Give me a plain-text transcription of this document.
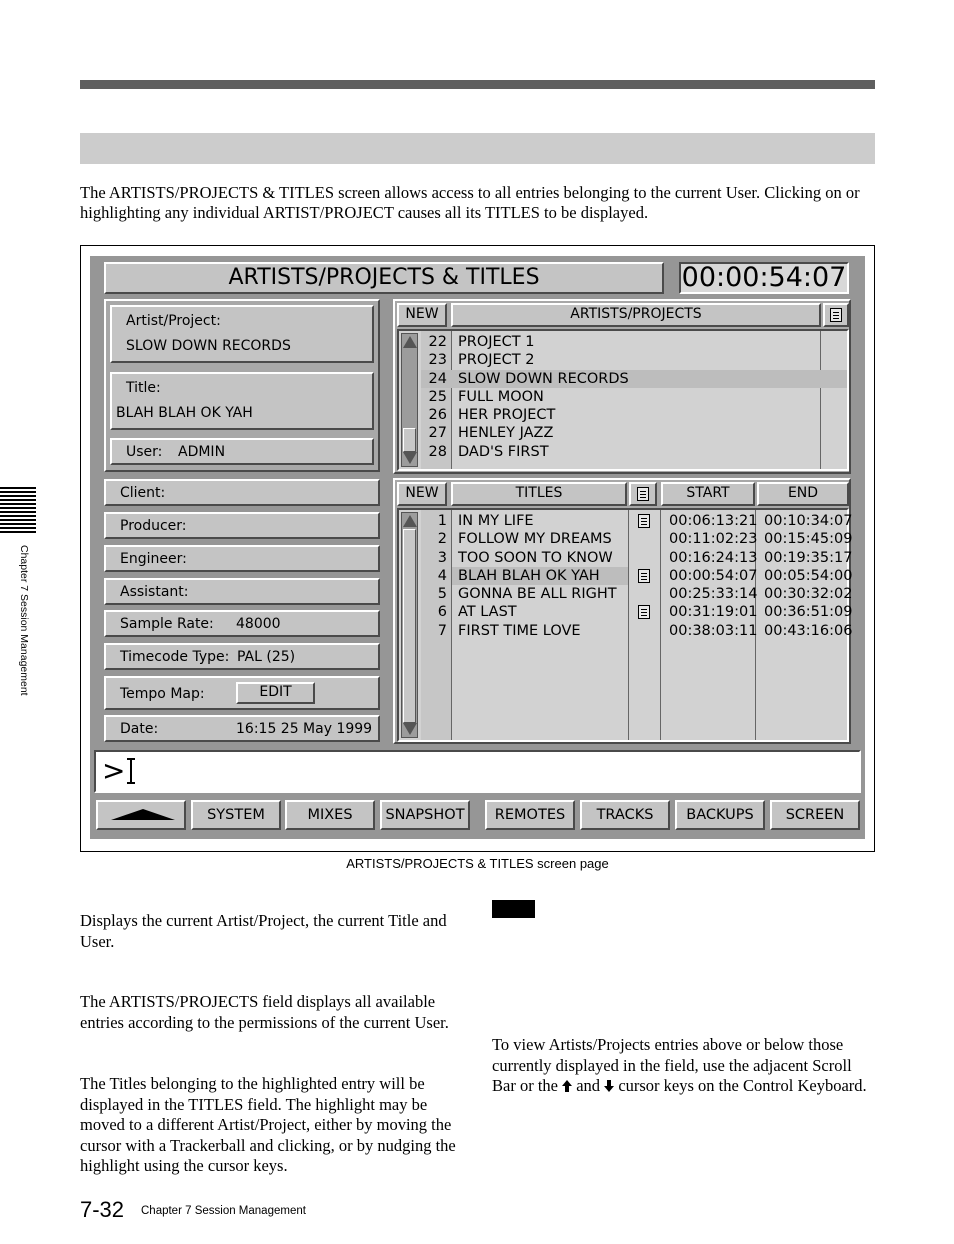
The ARTISTS/PROJECTS & TITLES screen allows access to all entries belonging to the current User. Clicking on or highlighting any individual ARTIST/PROJECT causes all its TITLES to be displayed.
ARTISTS/PROJECTS & TITLES	00:00:54:07
Artist/Project:
SLOW DOWN RECORDS
Title:
BLAH BLAH OK YAH
User: ADMIN
Client:
Producer:
Engineer:
Assistant:
Sample Rate: 48000
Timecode Type: PAL (25)
Tempo Map:	EDIT
Date:	16:15 25 May 1999
NEW	ARTISTS/PROJECTS
22 PROJECT 1
23 PROJECT 2
24 SLOW DOWN RECORDS
25 FULL MOON
26 HER PROJECT
27 HENLEY JAZZ
28 DAD'S FIRST
NEW	TITLES	START	END
1 IN MY LIFE	00:06:13:21 00:10:34:07
2 FOLLOW MY DREAMS	00:11:02:23 00:15:45:09
3 TOO SOON TO KNOW	00:16:24:13 00:19:35:17
4 BLAH BLAH OK YAH	00:00:54:07 00:05:54:00
5 GONNA BE ALL RIGHT	00:25:33:14 00:30:32:02
6 AT LAST	00:31:19:01 00:36:51:09
7 FIRST TIME LOVE	00:38:03:11 00:43:16:06
>
SYSTEM	MIXES	SNAPSHOT	REMOTES	TRACKS	BACKUPS	SCREEN
ARTISTS/PROJECTS & TITLES screen page
Chapter 7 Session Management
Displays the current Artist/Project, the current Title and User.
The ARTISTS/PROJECTS field displays all available entries according to the permissions of the current User.
The Titles belonging to the highlighted entry will be displayed in the TITLES field. The highlight may be moved to a different Artist/Project, either by moving the cursor with a Trackerball and clicking, or by nudging the highlight using the cursor keys.
To view Artists/Projects entries above or below those currently displayed in the field, use the adjacent Scroll Bar or the and cursor keys on the Control Keyboard.
7-32 Chapter 7 Session Management
